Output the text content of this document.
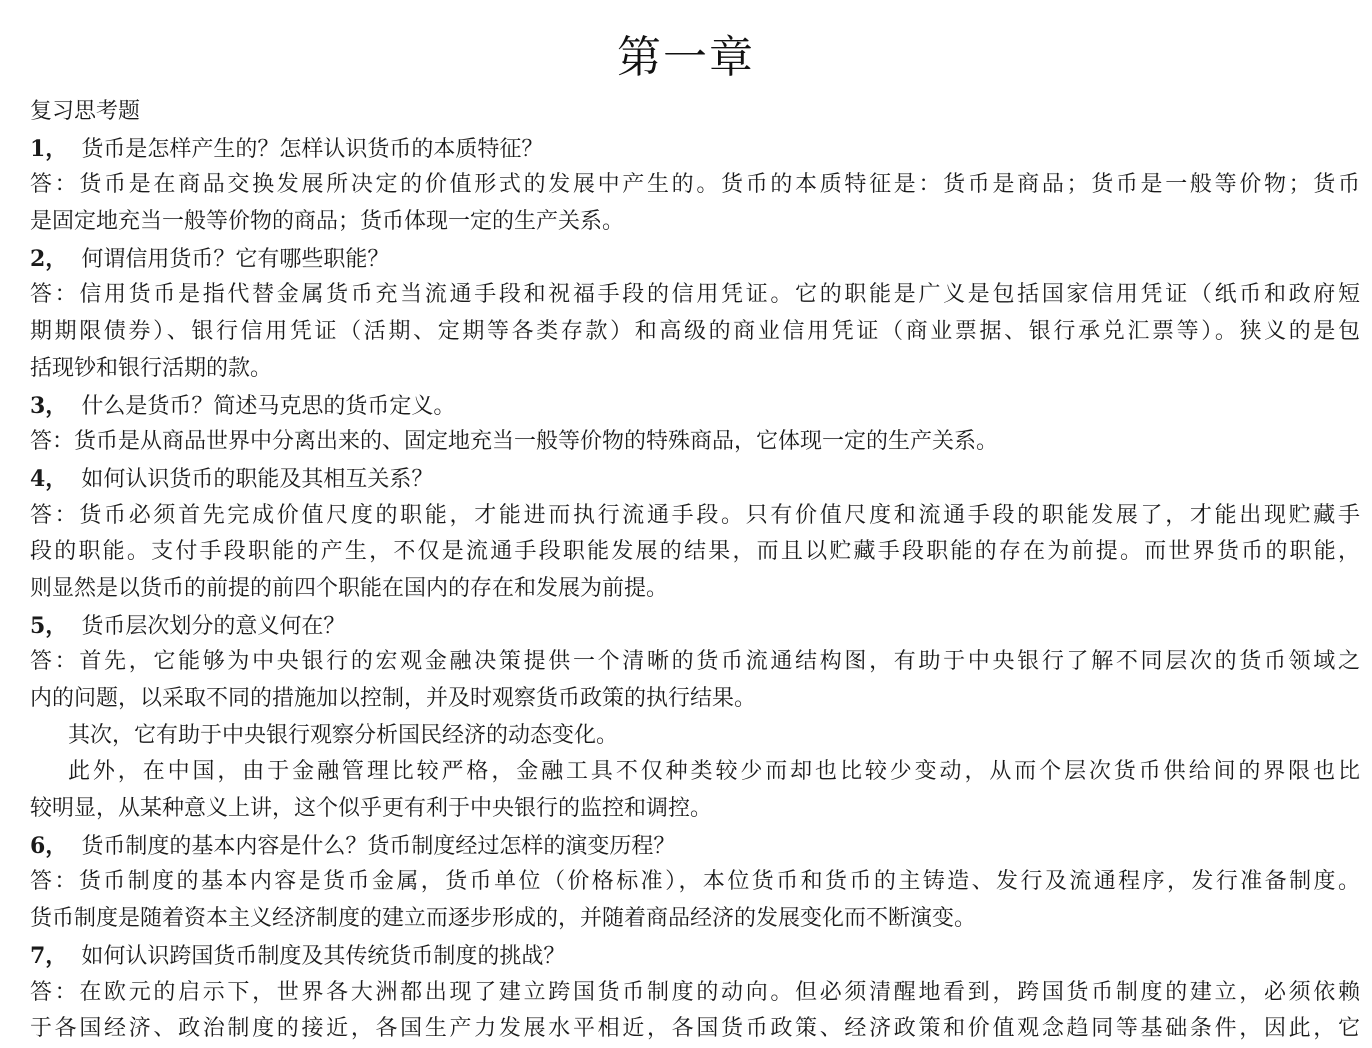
第一章
复习思考题
1， 货币是怎样产生的？怎样认识货币的本质特征？
答：货币是在商品交换发展所决定的价值形式的发展中产生的。货币的本质特征是：货币是商品；货币是一般等价物；货币
是固定地充当一般等价物的商品；货币体现一定的生产关系。
2， 何谓信用货币？它有哪些职能？
答：信用货币是指代替金属货币充当流通手段和祝福手段的信用凭证。它的职能是广义是包括国家信用凭证（纸币和政府短
期期限债券）、银行信用凭证（活期、定期等各类存款）和高级的商业信用凭证（商业票据、银行承兑汇票等）。狭义的是包
括现钞和银行活期的款。
3， 什么是货币？简述马克思的货币定义。
答：货币是从商品世界中分离出来的、固定地充当一般等价物的特殊商品，它体现一定的生产关系。
4， 如何认识货币的职能及其相互关系？
答：货币必须首先完成价值尺度的职能，才能进而执行流通手段。只有价值尺度和流通手段的职能发展了，才能出现贮藏手
段的职能。支付手段职能的产生，不仅是流通手段职能发展的结果，而且以贮藏手段职能的存在为前提。而世界货币的职能，
则显然是以货币的前提的前四个职能在国内的存在和发展为前提。
5， 货币层次划分的意义何在？
答：首先，它能够为中央银行的宏观金融决策提供一个清晰的货币流通结构图，有助于中央银行了解不同层次的货币领域之
内的问题，以采取不同的措施加以控制，并及时观察货币政策的执行结果。
其次，它有助于中央银行观察分析国民经济的动态变化。
此外，在中国，由于金融管理比较严格，金融工具不仅种类较少而却也比较少变动，从而个层次货币供给间的界限也比
较明显，从某种意义上讲，这个似乎更有利于中央银行的监控和调控。
6， 货币制度的基本内容是什么？货币制度经过怎样的演变历程？
答：货币制度的基本内容是货币金属，货币单位（价格标准），本位货币和货币的主铸造、发行及流通程序，发行准备制度。
货币制度是随着资本主义经济制度的建立而逐步形成的，并随着商品经济的发展变化而不断演变。
7， 如何认识跨国货币制度及其传统货币制度的挑战？
答：在欧元的启示下，世界各大洲都出现了建立跨国货币制度的动向。但必须清醒地看到，跨国货币制度的建立，必须依赖
于各国经济、政治制度的接近，各国生产力发展水平相近，各国货币政策、经济政策和价值观念趋同等基础条件，因此，它
